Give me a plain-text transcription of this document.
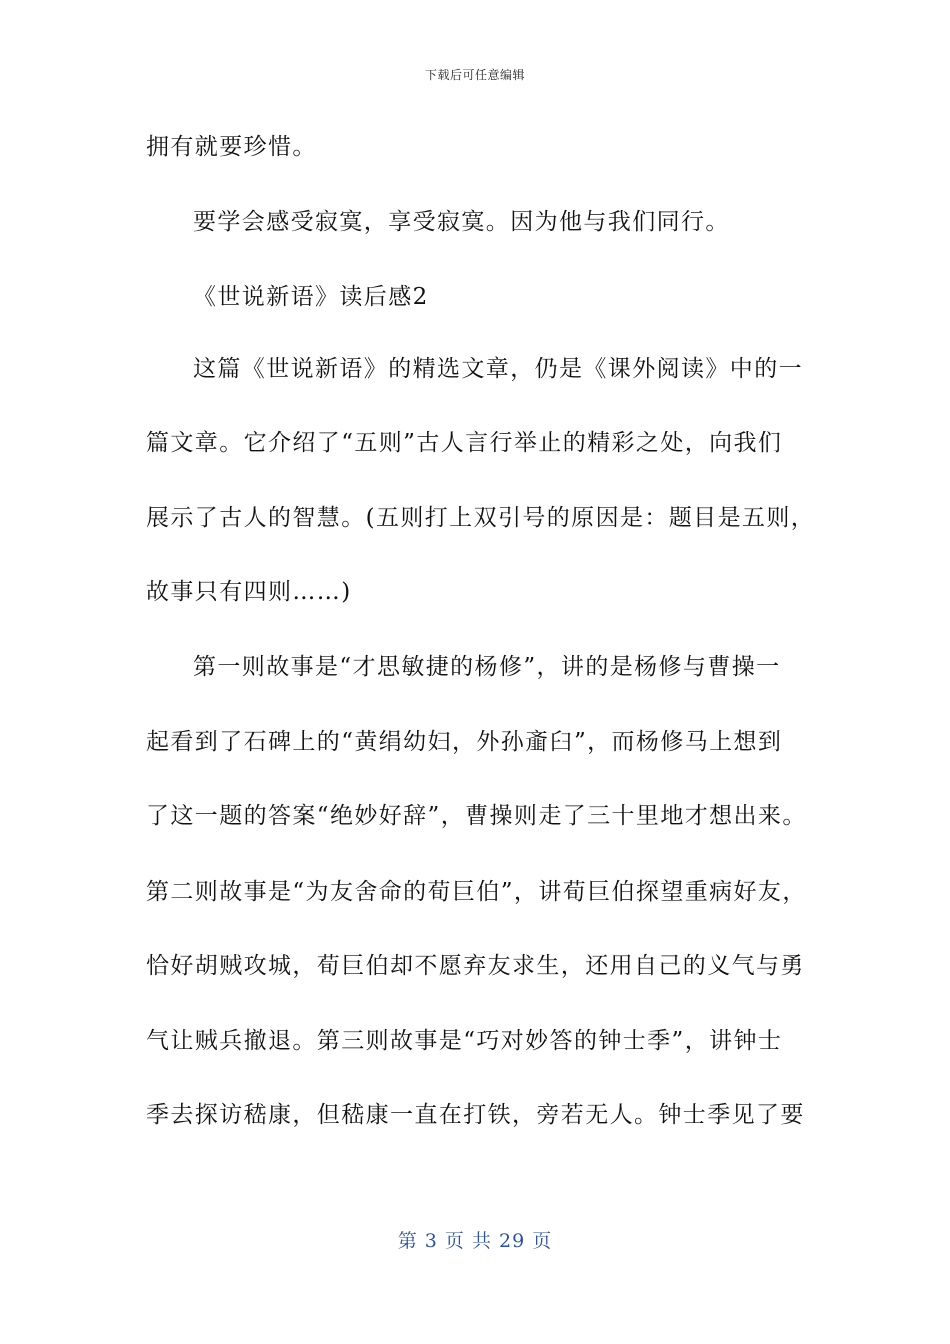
下载后可任意编辑
拥有就要珍惜。
要学会感受寂寞，享受寂寞。因为他与我们同行。
《世说新语》读后感2
这篇《世说新语》的精选文章，仍是《课外阅读》中的一
篇文章。它介绍了“五则”古人言行举止的精彩之处，向我们
展示了古人的智慧。(五则打上双引号的原因是：题目是五则，
故事只有四则……)
第一则故事是“才思敏捷的杨修”，讲的是杨修与曹操一
起看到了石碑上的“黄绢幼妇，外孙齑臼”，而杨修马上想到
了这一题的答案“绝妙好辞”，曹操则走了三十里地才想出来。
第二则故事是“为友舍命的荀巨伯”，讲荀巨伯探望重病好友，
恰好胡贼攻城，荀巨伯却不愿弃友求生，还用自己的义气与勇
气让贼兵撤退。第三则故事是“巧对妙答的钟士季”，讲钟士
季去探访嵇康，但嵇康一直在打铁，旁若无人。钟士季见了要
第 3 页 共 29 页
